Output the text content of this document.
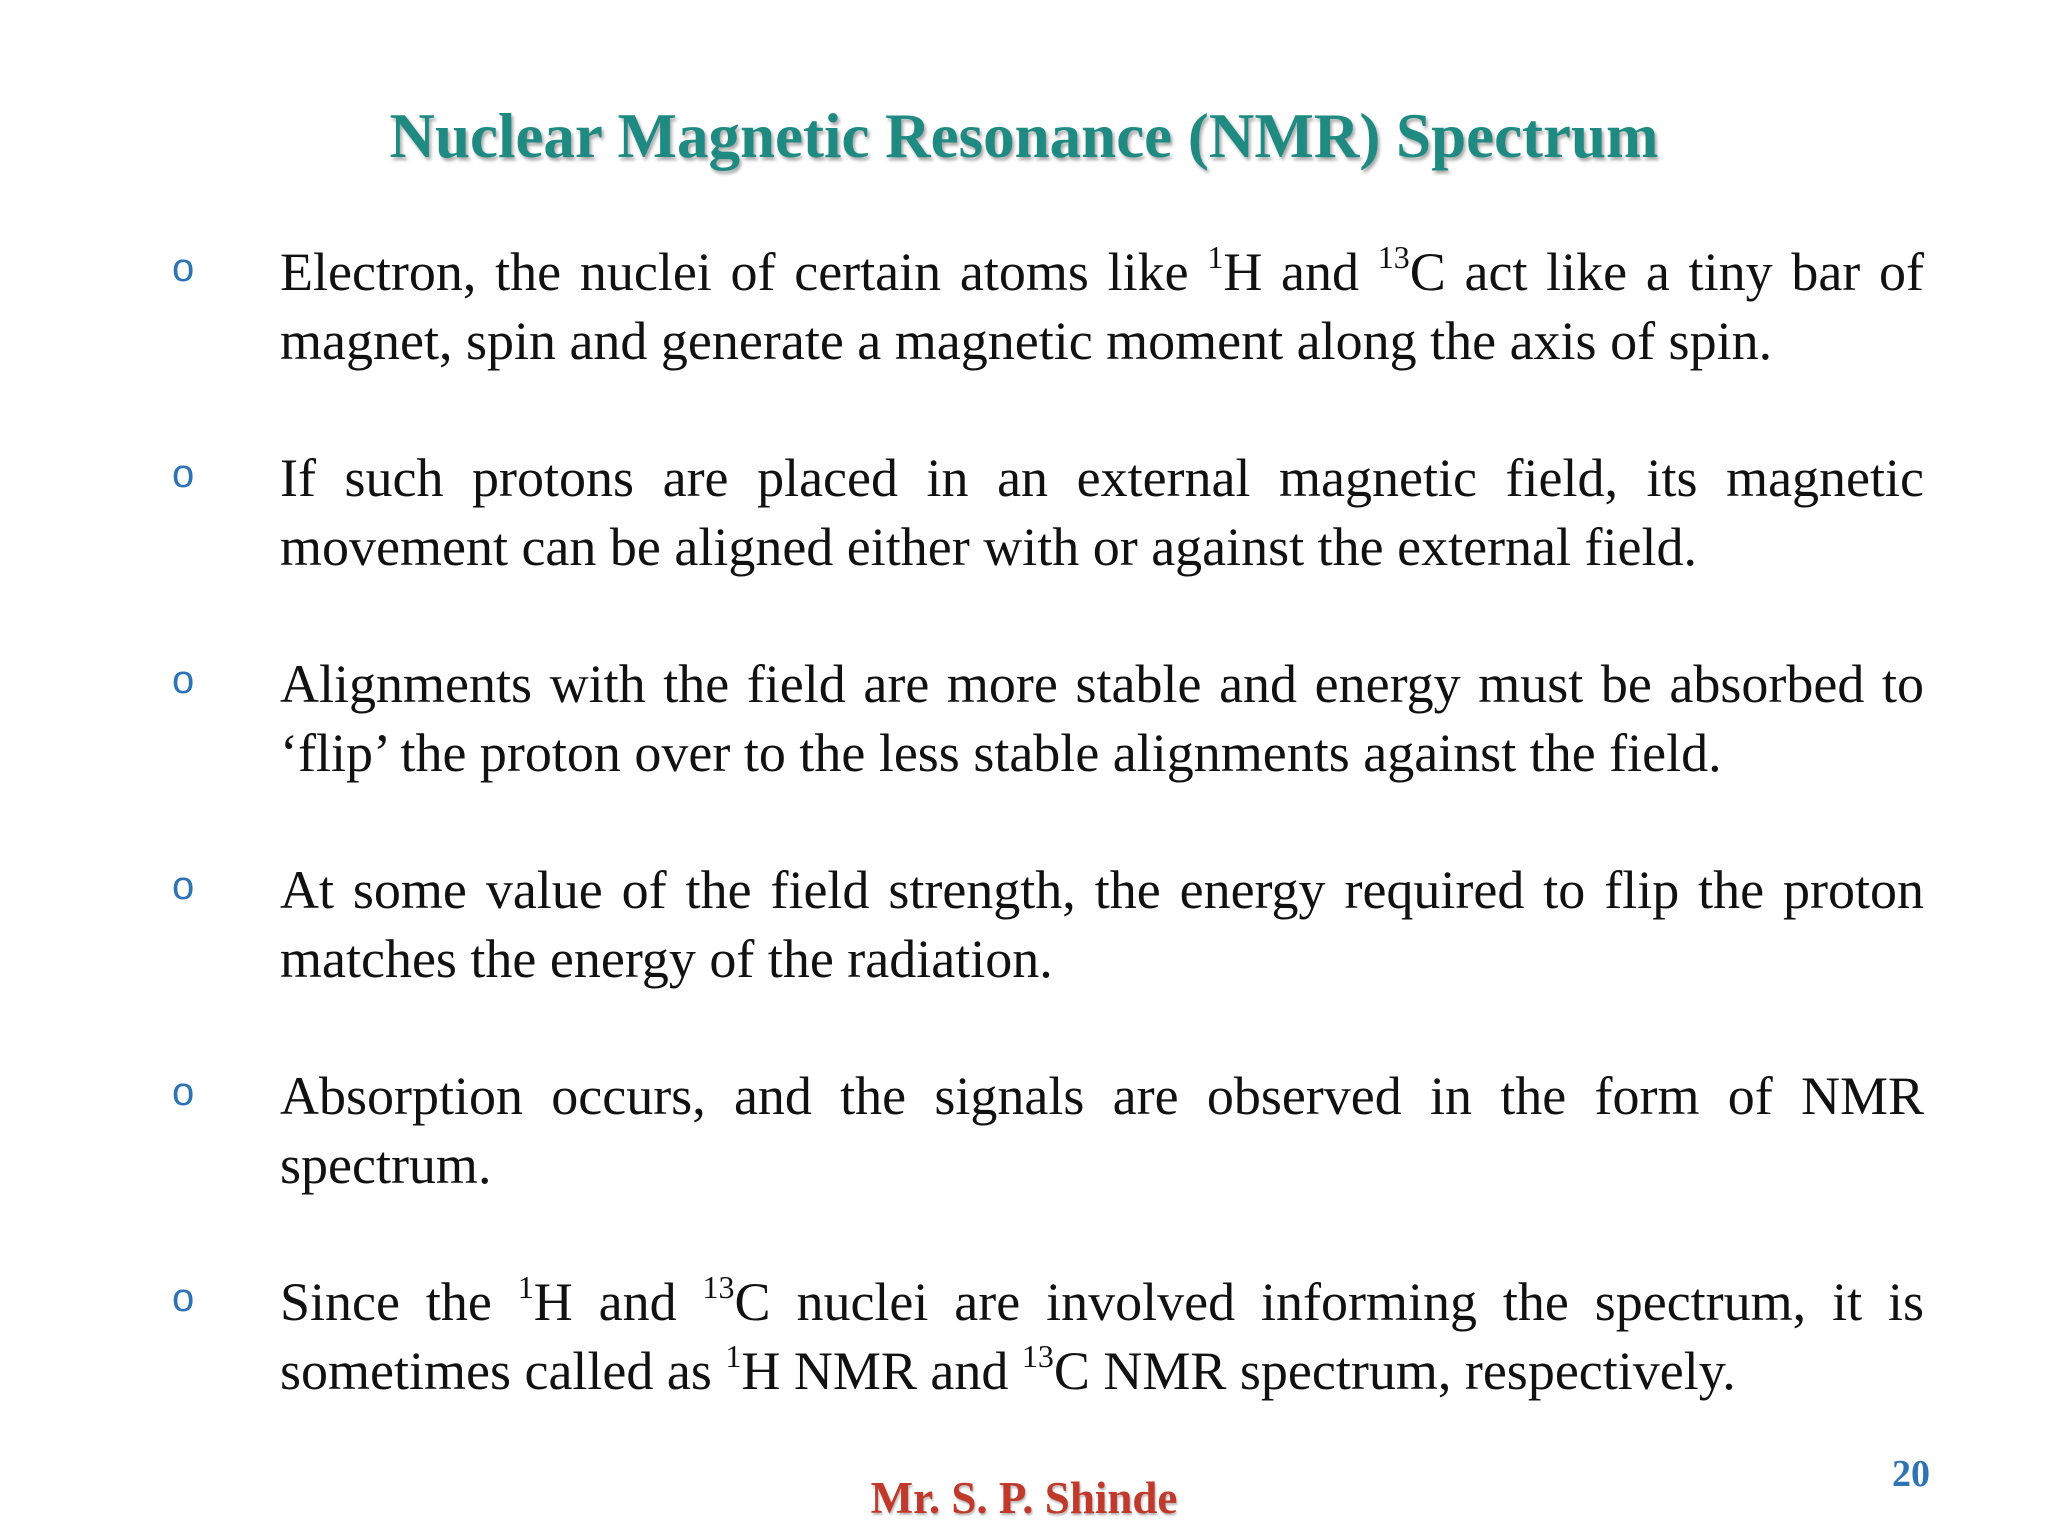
Nuclear Magnetic Resonance (NMR) Spectrum
o Electron, the nuclei of certain atoms like $^1$H and $^{13}$C act like a tiny bar of magnet, spin and generate a magnetic moment along the axis of spin.
o If such protons are placed in an external magnetic field, its magnetic movement can be aligned either with or against the external field.
o Alignments with the field are more stable and energy must be absorbed to ‘flip’ the proton over to the less stable alignments against the field.
o At some value of the field strength, the energy required to flip the proton matches the energy of the radiation.
o Absorption occurs, and the signals are observed in the form of NMR spectrum.
o Since the $^1$H and $^{13}$C nuclei are involved informing the spectrum, it is sometimes called as $^1$H NMR and $^{13}$C NMR spectrum, respectively.
20
Mr. S. P. Shinde
